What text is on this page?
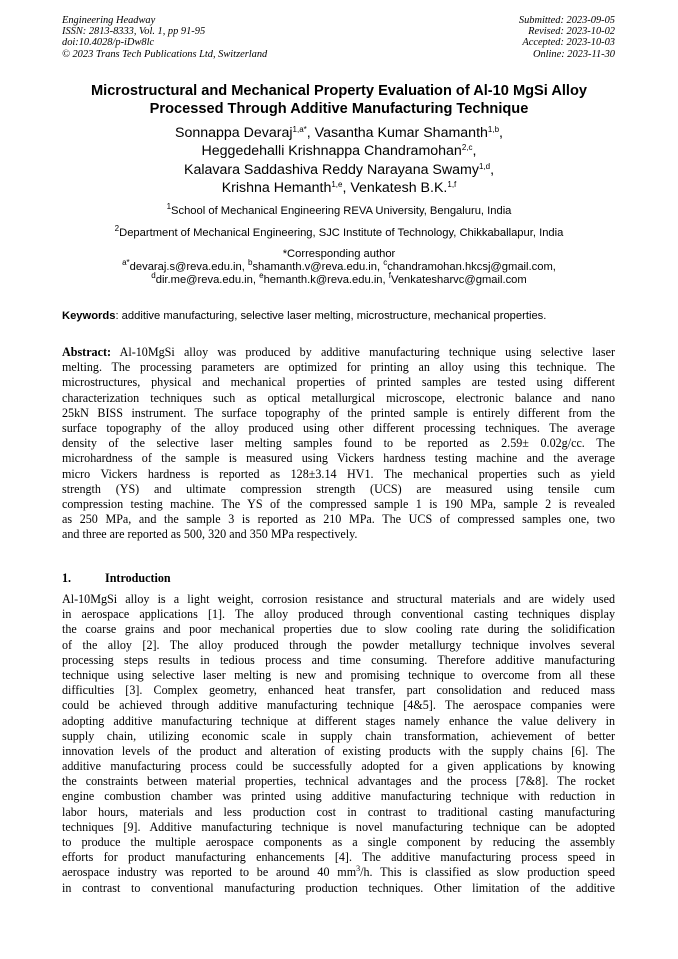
Engineering Headway
ISSN: 2813-8333, Vol. 1, pp 91-95
doi:10.4028/p-iDw8lc
© 2023 Trans Tech Publications Ltd, Switzerland
Submitted: 2023-09-05
Revised: 2023-10-02
Accepted: 2023-10-03
Online: 2023-11-30
Microstructural and Mechanical Property Evaluation of Al-10 MgSi Alloy
Processed Through Additive Manufacturing Technique
Sonnappa Devaraj$^{1,a*}$, Vasantha Kumar Shamanth$^{1,b}$,
Heggedehalli Krishnappa Chandramohan$^{2,c}$,
Kalavara Saddashiva Reddy Narayana Swamy$^{1,d}$,
Krishna Hemanth$^{1,e}$, Venkatesh B.K.$^{1,f}$
$^1$School of Mechanical Engineering REVA University, Bengaluru, India
$^2$Department of Mechanical Engineering, SJC Institute of Technology, Chikkaballapur, India
*Corresponding author
$^{a*}$devaraj.s@reva.edu.in, $^b$shamanth.v@reva.edu.in, $^c$chandramohan.hkcsj@gmail.com,
$^d$dir.me@reva.edu.in, $^e$hemanth.k@reva.edu.in, $^f$Venkatesharvc@gmail.com
Keywords: additive manufacturing, selective laser melting, microstructure, mechanical properties.
Abstract: Al-10MgSi alloy was produced by additive manufacturing technique using selective laser
melting. The processing parameters are optimized for printing an alloy using this technique. The
microstructures, physical and mechanical properties of printed samples are tested using different
characterization techniques such as optical metallurgical microscope, electronic balance and nano
25kN BISS instrument. The surface topography of the printed sample is entirely different from the
surface topography of the alloy produced using other different processing techniques. The average
density of the selective laser melting samples found to be reported as 2.59± 0.02g/cc. The
microhardness of the sample is measured using Vickers hardness testing machine and the average
micro Vickers hardness is reported as 128±3.14 HV1. The mechanical properties such as yield
strength (YS) and ultimate compression strength (UCS) are measured using tensile cum
compression testing machine. The YS of the compressed sample 1 is 190 MPa, sample 2 is revealed
as 250 MPa, and the sample 3 is reported as 210 MPa. The UCS of compressed samples one, two
and three are reported as 500, 320 and 350 MPa respectively.
1.	Introduction
Al-10MgSi alloy is a light weight, corrosion resistance and structural materials and are widely used
in aerospace applications [1]. The alloy produced through conventional casting techniques display
the coarse grains and poor mechanical properties due to slow cooling rate during the solidification
of the alloy [2]. The alloy produced through the powder metallurgy technique involves several
processing steps results in tedious process and time consuming. Therefore additive manufacturing
technique using selective laser melting is new and promising technique to overcome from all these
difficulties [3]. Complex geometry, enhanced heat transfer, part consolidation and reduced mass
could be achieved through additive manufacturing technique [4&5]. The aerospace companies were
adopting additive manufacturing technique at different stages namely enhance the value delivery in
supply chain, utilizing economic scale in supply chain transformation, achievement of better
innovation levels of the product and alteration of existing products with the supply chains [6]. The
additive manufacturing process could be successfully adopted for a given applications by knowing
the constraints between material properties, technical advantages and the process [7&8]. The rocket
engine combustion chamber was printed using additive manufacturing technique with reduction in
labor hours, materials and less production cost in contrast to traditional casting manufacturing
techniques [9]. Additive manufacturing technique is novel manufacturing technique can be adopted
to produce the multiple aerospace components as a single component by reducing the assembly
efforts for product manufacturing enhancements [4]. The additive manufacturing process speed in
aerospace industry was reported to be around 40 $mm^3/h$. This is classified as slow production speed
in contrast to conventional manufacturing production techniques. Other limitation of the additive
